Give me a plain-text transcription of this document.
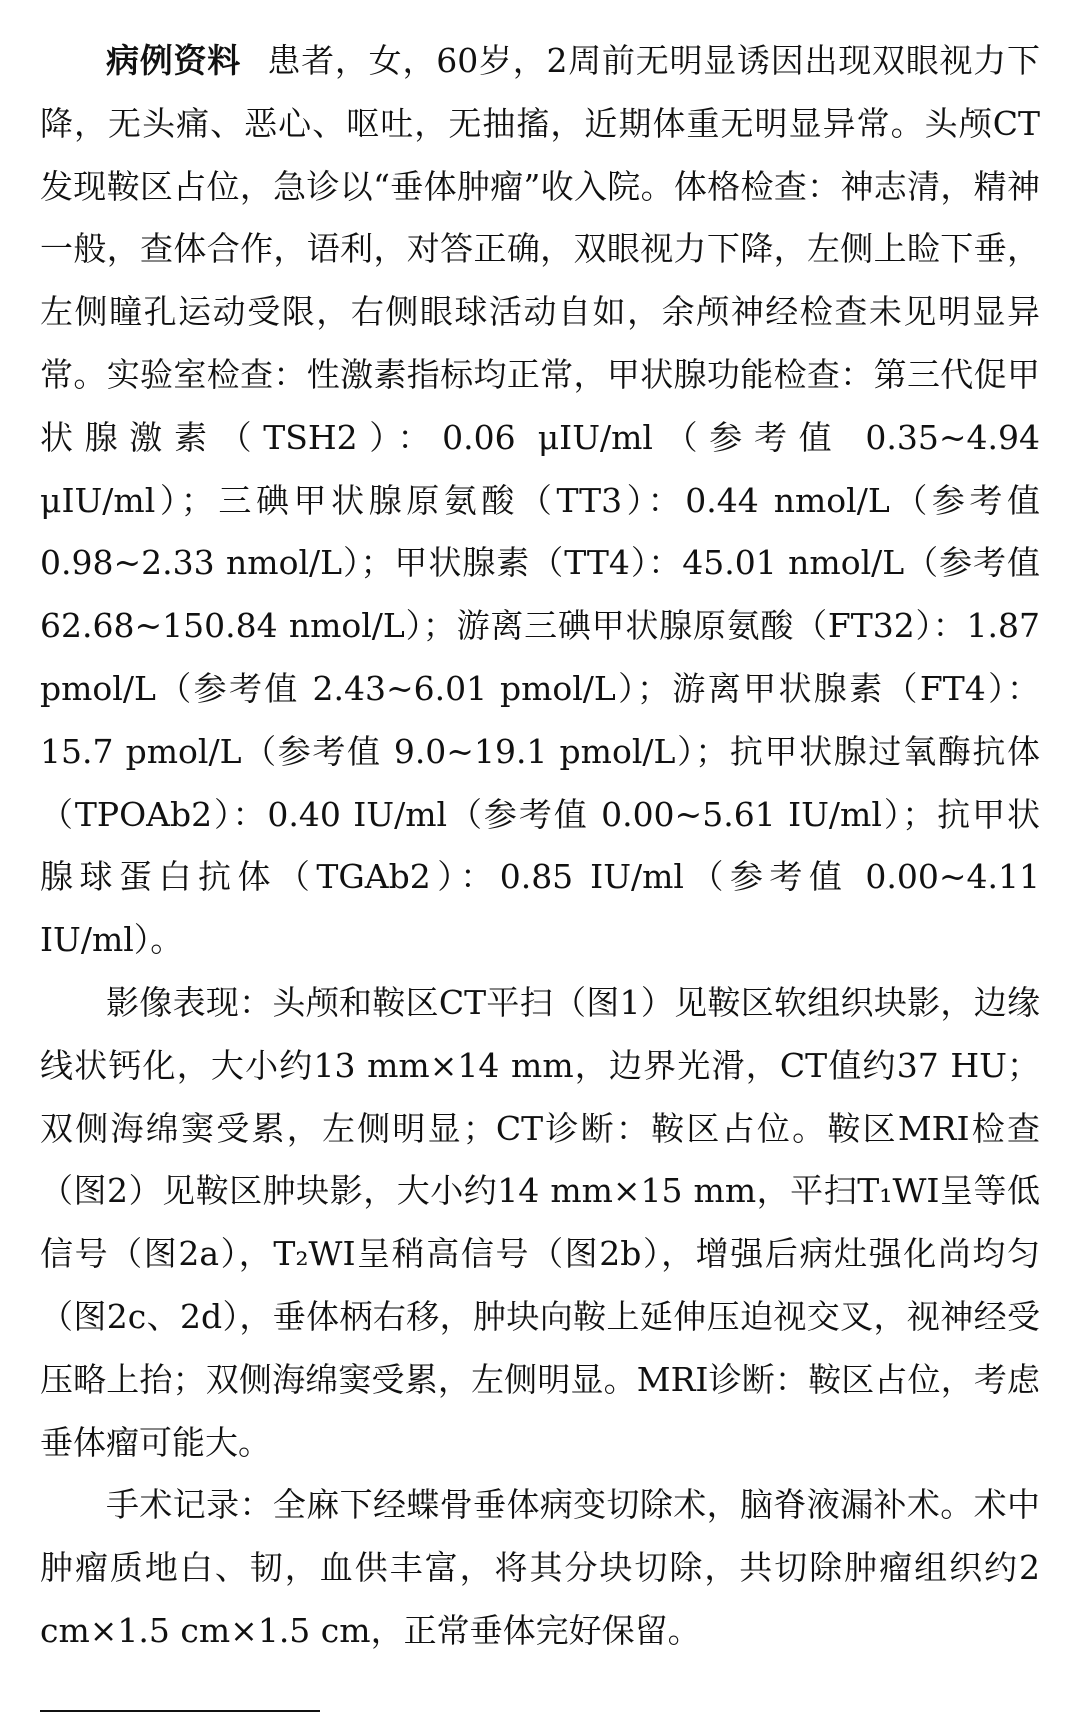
病例资料 患者，女，60岁，2周前无明显诱因出现双眼视力下降，无头痛、恶心、呕吐，无抽搐，近期体重无明显异常。头颅CT发现鞍区占位，急诊以“垂体肿瘤”收入院。体格检查：神志清，精神一般，查体合作，语利，对答正确，双眼视力下降，左侧上睑下垂，左侧瞳孔运动受限，右侧眼球活动自如，余颅神经检查未见明显异常。实验室检查：性激素指标均正常，甲状腺功能检查：第三代促甲状腺激素（TSH2）：0.06 μIU/ml（参考值 0.35~4.94 μIU/ml）；三碘甲状腺原氨酸（TT3）：0.44 nmol/L（参考值 0.98~2.33 nmol/L）；甲状腺素（TT4）：45.01 nmol/L（参考值 62.68~150.84 nmol/L）；游离三碘甲状腺原氨酸（FT32）：1.87 pmol/L（参考值 2.43~6.01 pmol/L）；游离甲状腺素（FT4）：15.7 pmol/L（参考值 9.0~19.1 pmol/L）；抗甲状腺过氧酶抗体（TPOAb2）：0.40 IU/ml（参考值 0.00~5.61 IU/ml）；抗甲状腺球蛋白抗体（TGAb2）：0.85 IU/ml（参考值 0.00~4.11 IU/ml）。

影像表现：头颅和鞍区CT平扫（图1）见鞍区软组织块影，边缘线状钙化，大小约13 mm×14 mm，边界光滑，CT值约37 HU；双侧海绵窦受累，左侧明显；CT诊断：鞍区占位。鞍区MRI检查（图2）见鞍区肿块影，大小约14 mm×15 mm，平扫T₁WI呈等低信号（图2a），T₂WI呈稍高信号（图2b），增强后病灶强化尚均匀（图2c、2d），垂体柄右移，肿块向鞍上延伸压迫视交叉，视神经受压略上抬；双侧海绵窦受累，左侧明显。MRI诊断：鞍区占位，考虑垂体瘤可能大。

手术记录：全麻下经蝶骨垂体病变切除术，脑脊液漏补术。术中肿瘤质地白、韧，血供丰富，将其分块切除，共切除肿瘤组织约2 cm×1.5 cm×1.5 cm，正常垂体完好保留。
